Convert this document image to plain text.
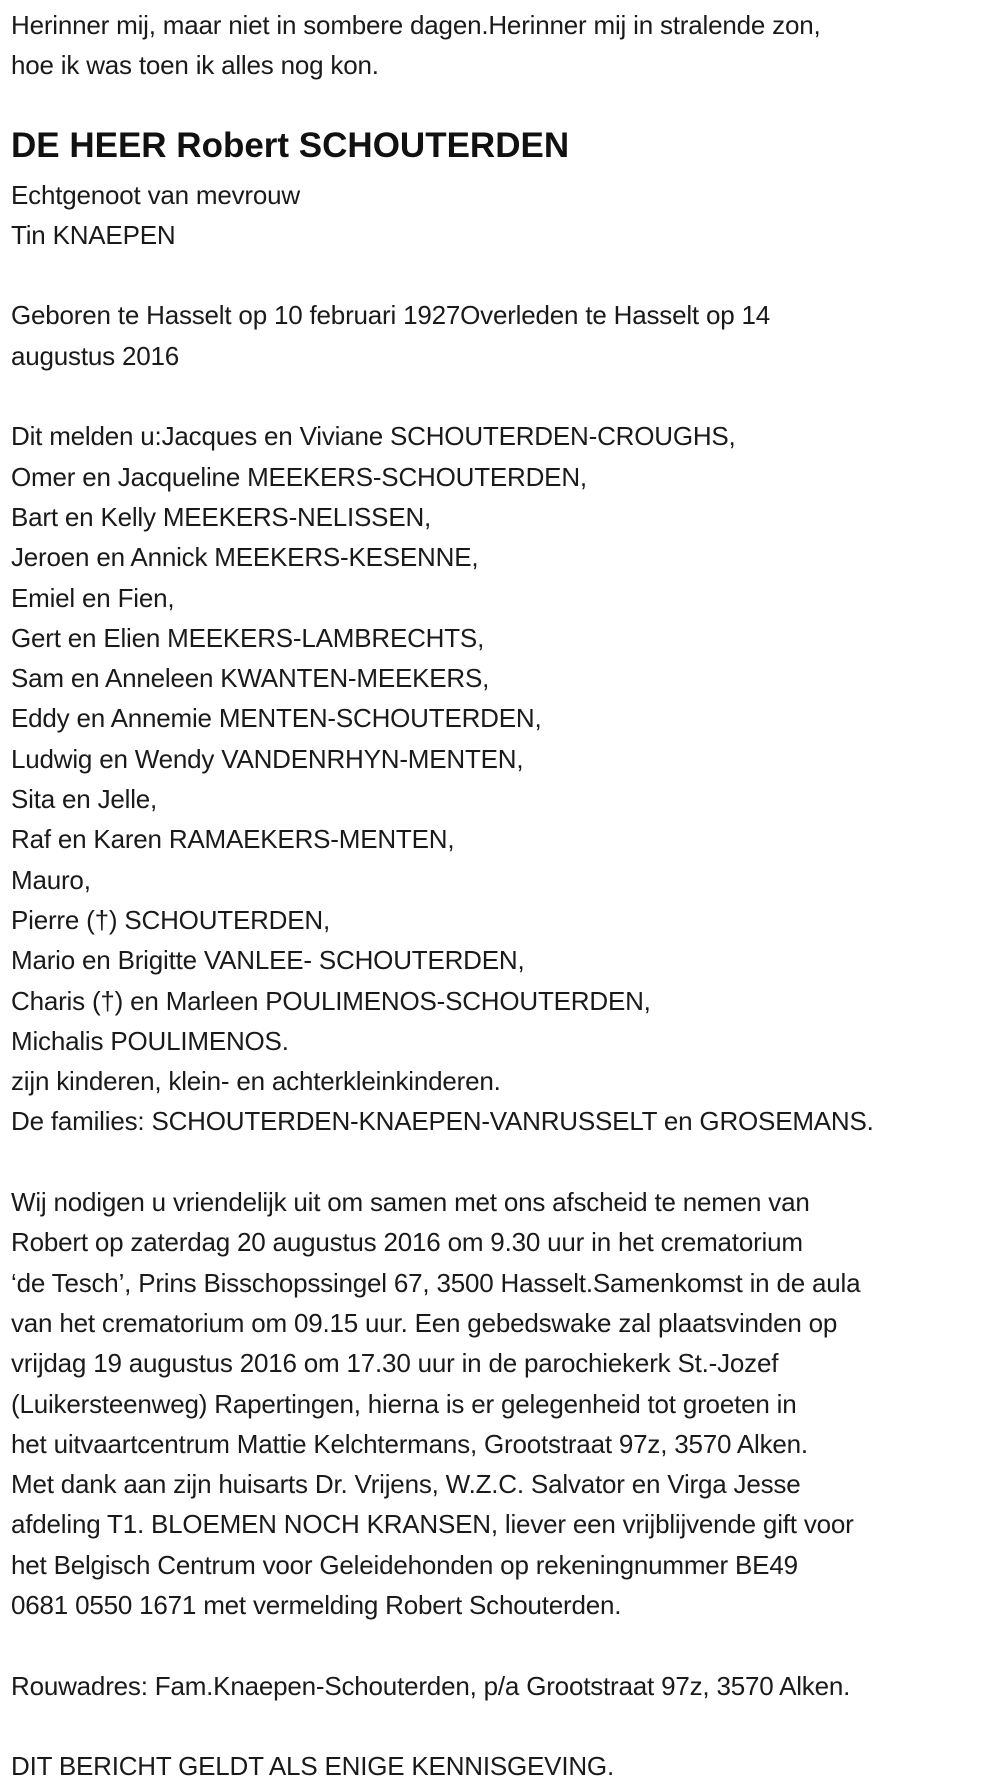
Herinner mij, maar niet in sombere dagen.Herinner mij in stralende zon,
hoe ik was toen ik alles nog kon.
DE HEER Robert SCHOUTERDEN
Echtgenoot van mevrouw
Tin KNAEPEN
Geboren te Hasselt op 10 februari 1927Overleden te Hasselt op 14
augustus 2016
Dit melden u:Jacques en Viviane SCHOUTERDEN-CROUGHS,
Omer en Jacqueline MEEKERS-SCHOUTERDEN,
Bart en Kelly MEEKERS-NELISSEN,
Jeroen en Annick MEEKERS-KESENNE,
Emiel en Fien,
Gert en Elien MEEKERS-LAMBRECHTS,
Sam en Anneleen KWANTEN-MEEKERS,
Eddy en Annemie MENTEN-SCHOUTERDEN,
Ludwig en Wendy VANDENRHYN-MENTEN,
Sita en Jelle,
Raf en Karen RAMAEKERS-MENTEN,
Mauro,
Pierre (†) SCHOUTERDEN,
Mario en Brigitte VANLEE- SCHOUTERDEN,
Charis (†) en Marleen POULIMENOS-SCHOUTERDEN,
Michalis POULIMENOS.
zijn kinderen, klein- en achterkleinkinderen.
De families: SCHOUTERDEN-KNAEPEN-VANRUSSELT en GROSEMANS.
Wij nodigen u vriendelijk uit om samen met ons afscheid te nemen van
Robert op zaterdag 20 augustus 2016 om 9.30 uur in het crematorium
‘de Tesch’, Prins Bisschopssingel 67, 3500 Hasselt.Samenkomst in de aula
van het crematorium om 09.15 uur. Een gebedswake zal plaatsvinden op
vrijdag 19 augustus 2016 om 17.30 uur in de parochiekerk St.-Jozef
(Luikersteenweg) Rapertingen, hierna is er gelegenheid tot groeten in
het uitvaartcentrum Mattie Kelchtermans, Grootstraat 97z, 3570 Alken.
Met dank aan zijn huisarts Dr. Vrijens, W.Z.C. Salvator en Virga Jesse
afdeling T1. BLOEMEN NOCH KRANSEN, liever een vrijblijvende gift voor
het Belgisch Centrum voor Geleidehonden op rekeningnummer BE49
0681 0550 1671 met vermelding Robert Schouterden.
Rouwadres: Fam.Knaepen-Schouterden, p/a Grootstraat 97z, 3570 Alken.
DIT BERICHT GELDT ALS ENIGE KENNISGEVING.
